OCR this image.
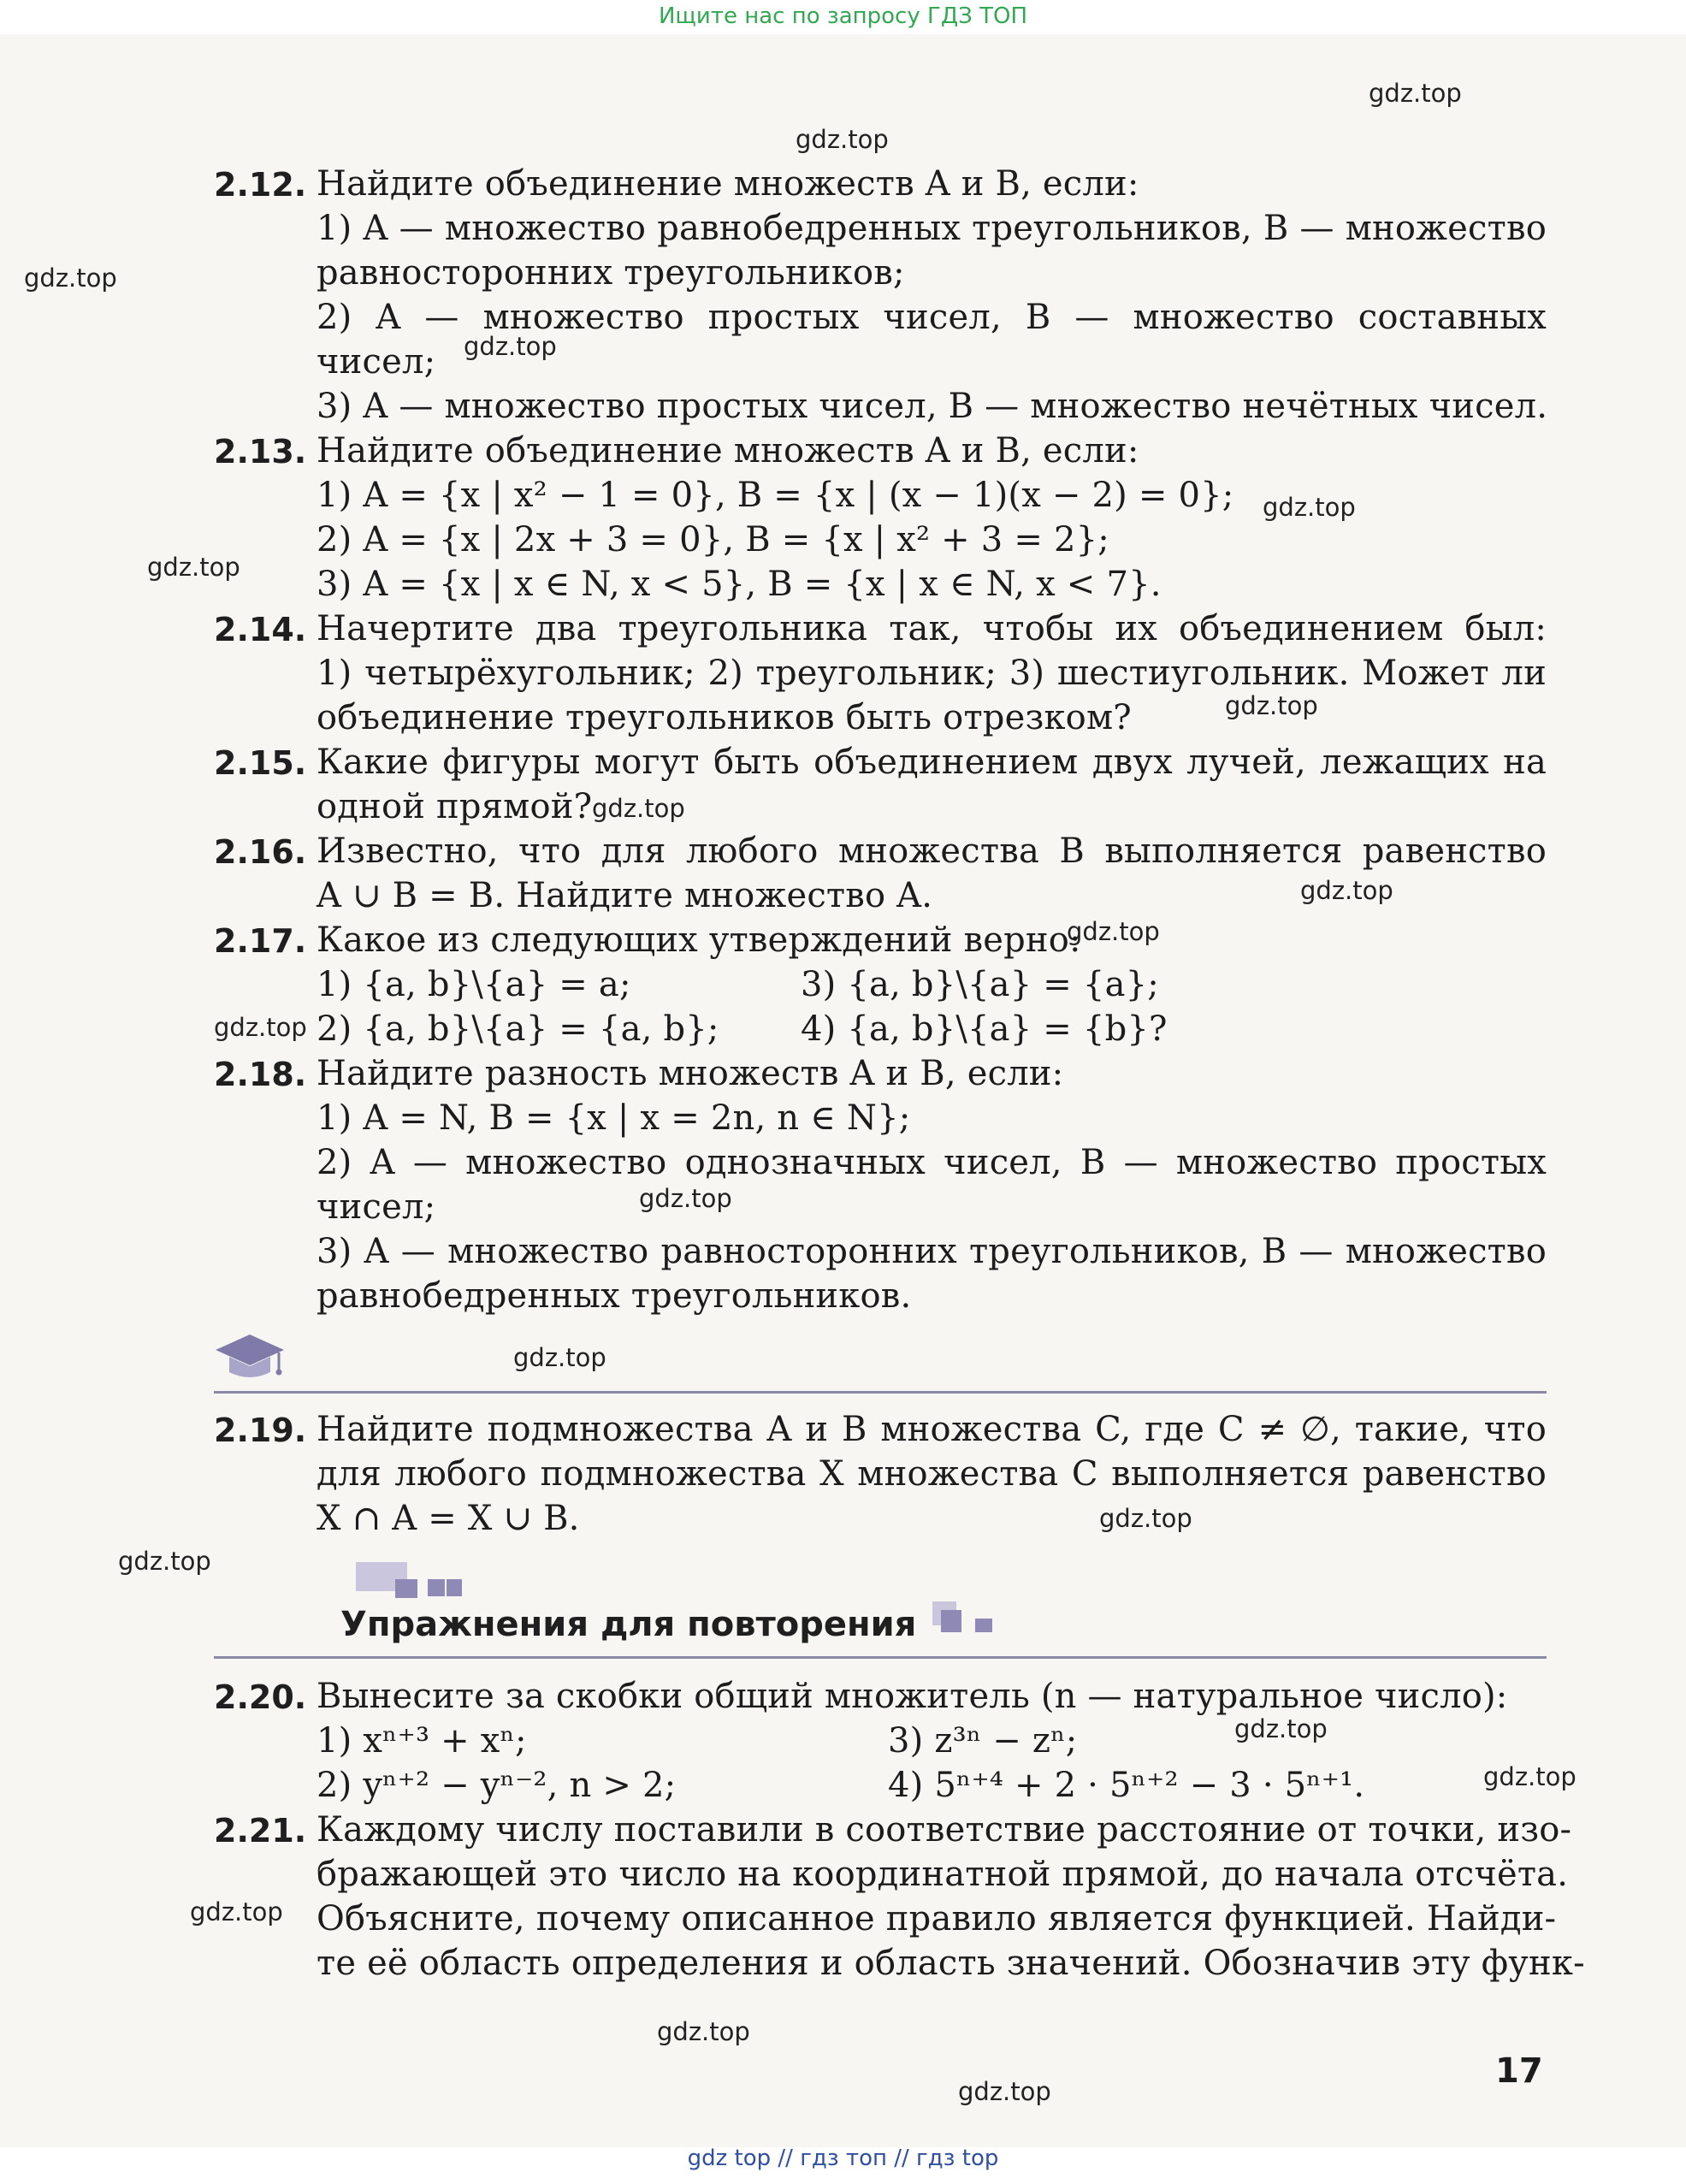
Ищите нас по запросу ГДЗ ТОП
gdz.top
gdz.top
gdz.top
gdz.top
gdz.top
gdz.top
gdz.top
gdz.top
gdz.top
gdz.top
gdz.top
gdz.top
gdz.top
gdz.top
gdz.top
gdz.top
gdz.top
gdz.top
gdz.top
gdz.top
2.12. Найдите объединение множеств A и B, если:
1) A — множество равнобедренных треугольников, B — множество
равносторонних треугольников;
2) A — множество простых чисел, B — множество составных
чисел;
3) A — множество простых чисел, B — множество нечётных чисел.
2.13. Найдите объединение множеств A и B, если:
1) A = {x | x² − 1 = 0}, B = {x | (x − 1)(x − 2) = 0};
2) A = {x | 2x + 3 = 0}, B = {x | x² + 3 = 2};
3) A = {x | x ∈ N, x < 5}, B = {x | x ∈ N, x < 7}.
2.14. Начертите два треугольника так, чтобы их объединением был:
1) четырёхугольник; 2) треугольник; 3) шестиугольник. Может ли
объединение треугольников быть отрезком?
2.15. Какие фигуры могут быть объединением двух лучей, лежащих на
одной прямой?
2.16. Известно, что для любого множества B выполняется равенство
A ∪ B = B. Найдите множество A.
2.17. Какое из следующих утверждений верно:
1) {a, b}\{a} = a;	3) {a, b}\{a} = {a};
2) {a, b}\{a} = {a, b}; 4) {a, b}\{a} = {b}?
2.18. Найдите разность множеств A и B, если:
1) A = N, B = {x | x = 2n, n ∈ N};
2) A — множество однозначных чисел, B — множество простых
чисел;
3) A — множество равносторонних треугольников, B — множество
равнобедренных треугольников.
2.19. Найдите подмножества A и B множества C, где C ≠ ∅, такие, что
для любого подмножества X множества C выполняется равенство
X ∩ A = X ∪ B.
Упражнения для повторения
2.20. Вынесите за скобки общий множитель (n — натуральное число):
1) xⁿ⁺³ + xⁿ;	3) z³ⁿ − zⁿ;
2) yⁿ⁺² − yⁿ⁻², n > 2;	4) 5ⁿ⁺⁴ + 2 · 5ⁿ⁺² − 3 · 5ⁿ⁺¹.
2.21. Каждому числу поставили в соответствие расстояние от точки, изо-
бражающей это число на координатной прямой, до начала отсчёта.
Объясните, почему описанное правило является функцией. Найди-
те её область определения и область значений. Обозначив эту функ-
17
gdz top // гдз топ // гдз top
